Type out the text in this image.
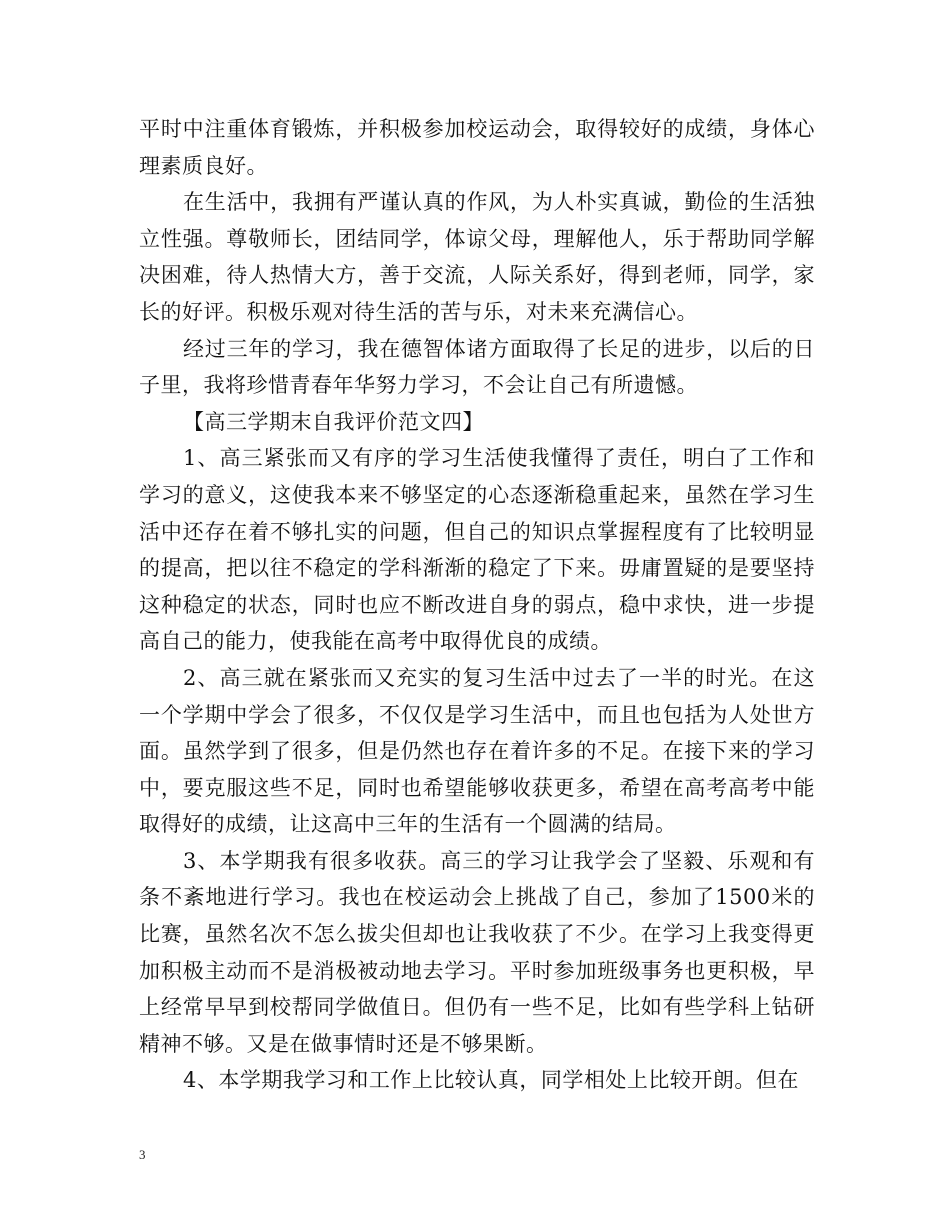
平时中注重体育锻炼，并积极参加校运动会，取得较好的成绩，身体心理素质良好。

在生活中，我拥有严谨认真的作风，为人朴实真诚，勤俭的生活独立性强。尊敬师长，团结同学，体谅父母，理解他人，乐于帮助同学解决困难，待人热情大方，善于交流，人际关系好，得到老师，同学，家长的好评。积极乐观对待生活的苦与乐，对未来充满信心。

经过三年的学习，我在德智体诸方面取得了长足的进步，以后的日子里，我将珍惜青春年华努力学习，不会让自己有所遗憾。

【高三学期末自我评价范文四】

1、高三紧张而又有序的学习生活使我懂得了责任，明白了工作和学习的意义，这使我本来不够坚定的心态逐渐稳重起来，虽然在学习生活中还存在着不够扎实的问题，但自己的知识点掌握程度有了比较明显的提高，把以往不稳定的学科渐渐的稳定了下来。毋庸置疑的是要坚持这种稳定的状态，同时也应不断改进自身的弱点，稳中求快，进一步提高自己的能力，使我能在高考中取得优良的成绩。

2、高三就在紧张而又充实的复习生活中过去了一半的时光。在这一个学期中学会了很多，不仅仅是学习生活中，而且也包括为人处世方面。虽然学到了很多，但是仍然也存在着许多的不足。在接下来的学习中，要克服这些不足，同时也希望能够收获更多，希望在高考高考中能取得好的成绩，让这高中三年的生活有一个圆满的结局。

3、本学期我有很多收获。高三的学习让我学会了坚毅、乐观和有条不紊地进行学习。我也在校运动会上挑战了自己，参加了1500米的比赛，虽然名次不怎么拔尖但却也让我收获了不少。在学习上我变得更加积极主动而不是消极被动地去学习。平时参加班级事务也更积极，早上经常早早到校帮同学做值日。但仍有一些不足，比如有些学科上钻研精神不够。又是在做事情时还是不够果断。

4、本学期我学习和工作上比较认真，同学相处上比较开朗。但在

3
